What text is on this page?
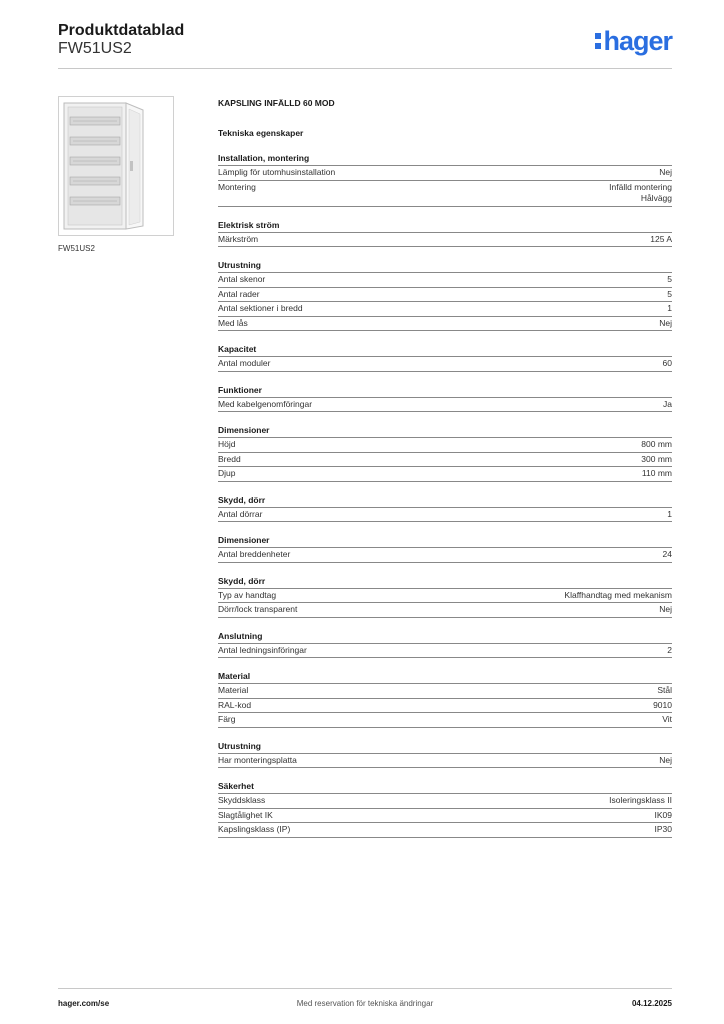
Produktdatablad
FW51US2	hager
FW51US2
KAPSLING INFÄLLD 60 MOD
Tekniska egenskaper
Installation, montering
Lämplig för utomhusinstallation	Nej
Montering	Infälld montering
Hålvägg
Elektrisk ström
Märkström	125 A
Utrustning
Antal skenor	5
Antal rader	5
Antal sektioner i bredd	1
Med lås	Nej
Kapacitet
Antal moduler	60
Funktioner
Med kabelgenomföringar	Ja
Dimensioner
Höjd	800 mm
Bredd	300 mm
Djup	110 mm
Skydd, dörr
Antal dörrar	1
Dimensioner
Antal breddenheter	24
Skydd, dörr
Typ av handtag	Klaffhandtag med mekanism
Dörr/lock transparent	Nej
Anslutning
Antal ledningsinföringar	2
Material
Material	Stål
RAL-kod	9010
Färg	Vit
Utrustning
Har monteringsplatta	Nej
Säkerhet
Skyddsklass	Isoleringsklass II
Slagtålighet IK	IK09
Kapslingsklass (IP)	IP30
hager.com/se	Med reservation för tekniska ändringar	04.12.2025
